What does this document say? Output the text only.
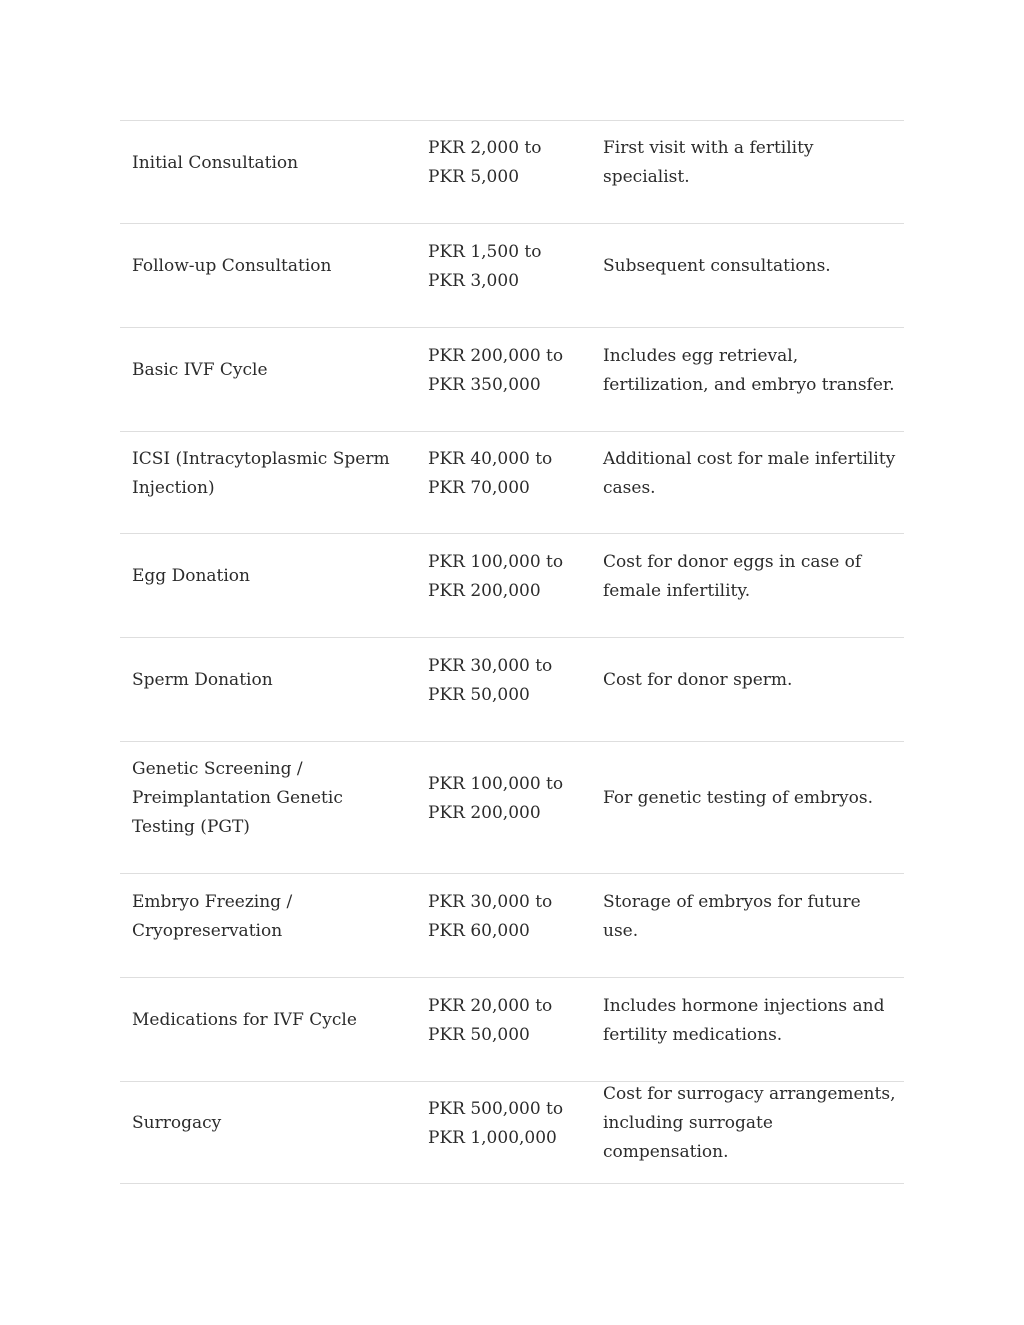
Initial Consultation
PKR 2,000 to PKR 5,000
First visit with a fertility specialist.
Follow-up Consultation
PKR 1,500 to PKR 3,000
Subsequent consultations.
Basic IVF Cycle
PKR 200,000 to PKR 350,000
Includes egg retrieval, fertilization, and embryo transfer.
ICSI (Intracytoplasmic Sperm Injection)
PKR 40,000 to PKR 70,000
Additional cost for male infertility cases.
Egg Donation
PKR 100,000 to PKR 200,000
Cost for donor eggs in case of female infertility.
Sperm Donation
PKR 30,000 to PKR 50,000
Cost for donor sperm.
Genetic Screening / Preimplantation Genetic Testing (PGT)
PKR 100,000 to PKR 200,000
For genetic testing of embryos.
Embryo Freezing / Cryopreservation
PKR 30,000 to PKR 60,000
Storage of embryos for future use.
Medications for IVF Cycle
PKR 20,000 to PKR 50,000
Includes hormone injections and fertility medications.
Surrogacy
PKR 500,000 to PKR 1,000,000
Cost for surrogacy arrangements, including surrogate compensation.
